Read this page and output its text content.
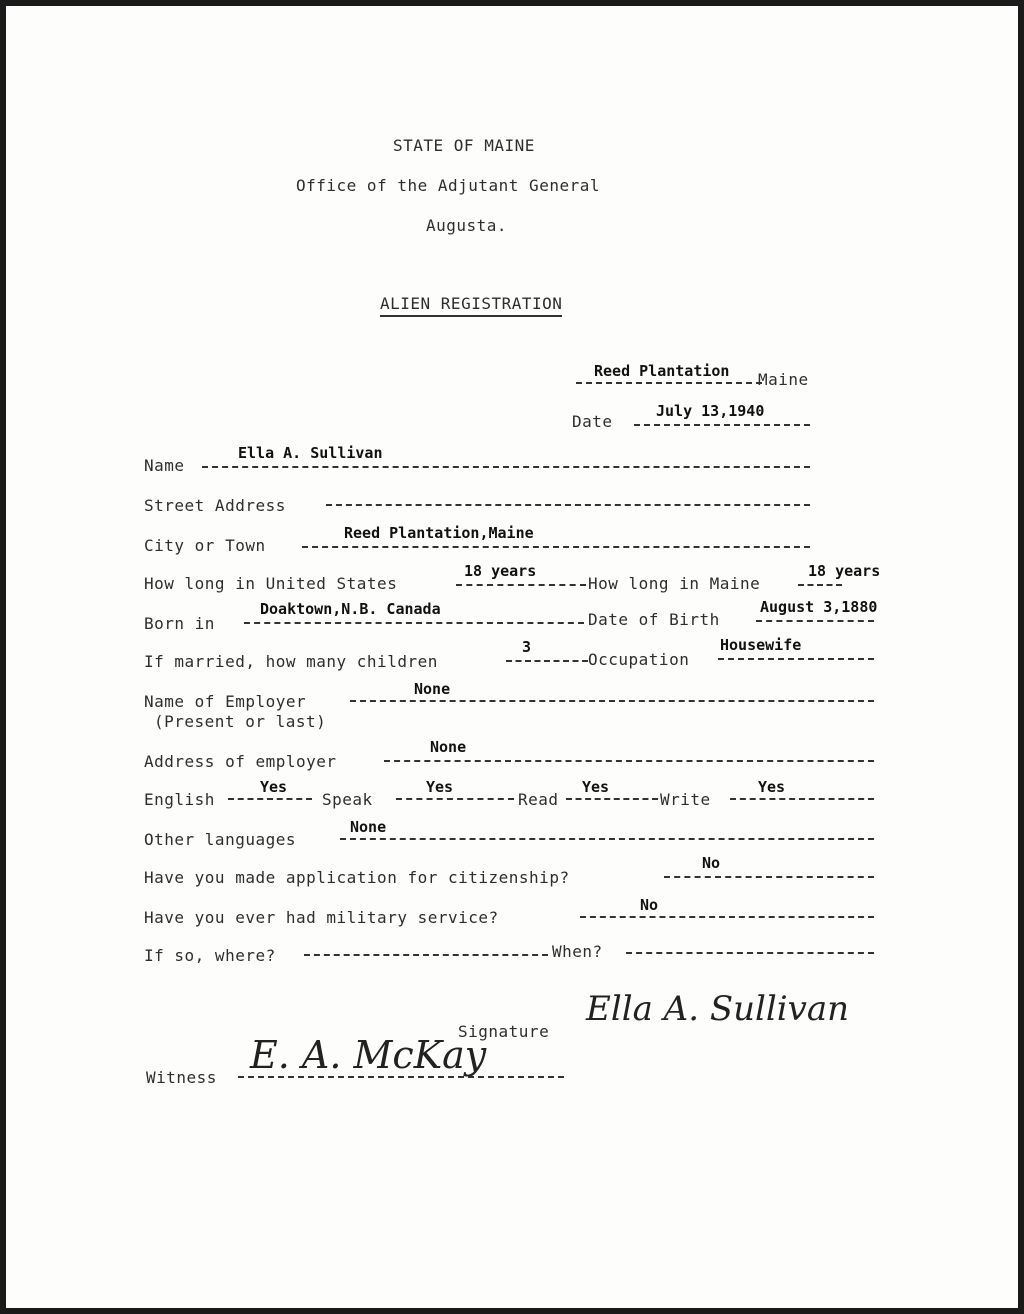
STATE OF MAINE
Office of the Adjutant General
Augusta.
ALIEN REGISTRATION
Reed Plantation Maine
Date
July 13,1940
Name
Ella A. Sullivan
Street Address
City or Town
Reed Plantation,Maine
How long in United States
18 years
How long in Maine
18 years
Born in
Doaktown,N.B. Canada
Date of Birth
August 3,1880
If married, how many children
3
Occupation
Housewife
Name of Employer
(Present or last)
None
Address of employer
None
English
Yes
Speak
Yes
Read
Yes
Write
Yes
Other languages
None
Have you made application for citizenship?
No
Have you ever had military service?
No
If so, where?	When?
Signature
Ella A. Sullivan
Witness
E. A. McKay
